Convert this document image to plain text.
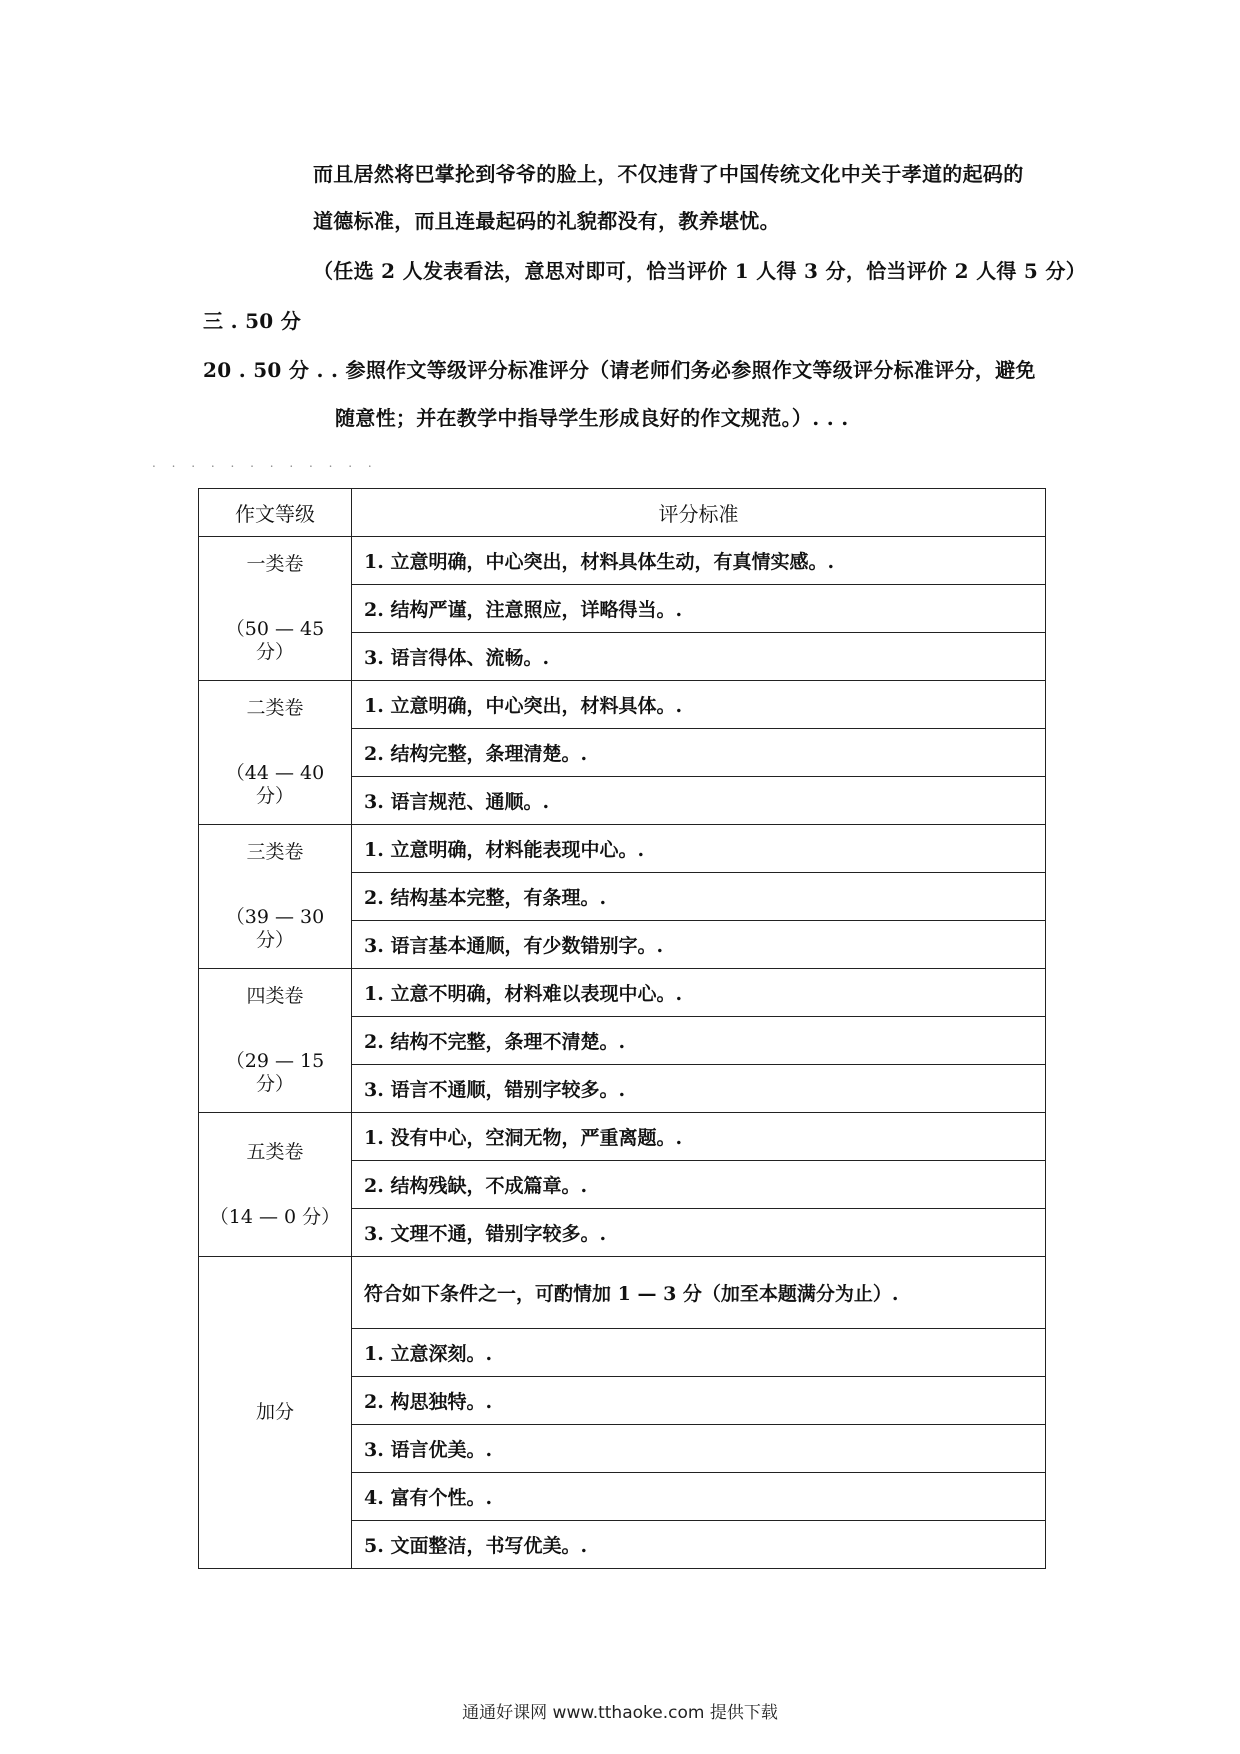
而且居然将巴掌抡到爷爷的脸上，不仅违背了中国传统文化中关于孝道的起码的
道德标准，而且连最起码的礼貌都没有，教养堪忧。
（任选 2 人发表看法，意思对即可，恰当评价 1 人得 3 分，恰当评价 2 人得 5 分）
三 . 50 分
20 . 50 分 . . 参照作文等级评分标准评分（请老师们务必参照作文等级评分标准评分，避免
随意性；并在教学中指导学生形成良好的作文规范。）. . .
. . . . . . . . . . . .
作文等级	评分标准

一类卷
（50 — 45 分）	1. 立意明确，中心突出，材料具体生动，有真情实感。.
	2. 结构严谨，注意照应，详略得当。.
	3. 语言得体、流畅。.

二类卷
（44 — 40 分）	1. 立意明确，中心突出，材料具体。.
	2. 结构完整，条理清楚。.
	3. 语言规范、通顺。.

三类卷
（39 — 30 分）	1. 立意明确，材料能表现中心。.
	2. 结构基本完整，有条理。.
	3. 语言基本通顺，有少数错别字。.

四类卷
（29 — 15 分）	1. 立意不明确，材料难以表现中心。.
	2. 结构不完整，条理不清楚。.
	3. 语言不通顺，错别字较多。.

五类卷
（14 — 0 分）	1. 没有中心，空洞无物，严重离题。.
	2. 结构残缺，不成篇章。.
	3. 文理不通，错别字较多。.
加分	符合如下条件之一，可酌情加 1 — 3 分（加至本题满分为止）.
	1. 立意深刻。.
	2. 构思独特。.
	3. 语言优美。.
	4. 富有个性。.
	5. 文面整洁，书写优美。.
通通好课网 www.tthaoke.com 提供下载
